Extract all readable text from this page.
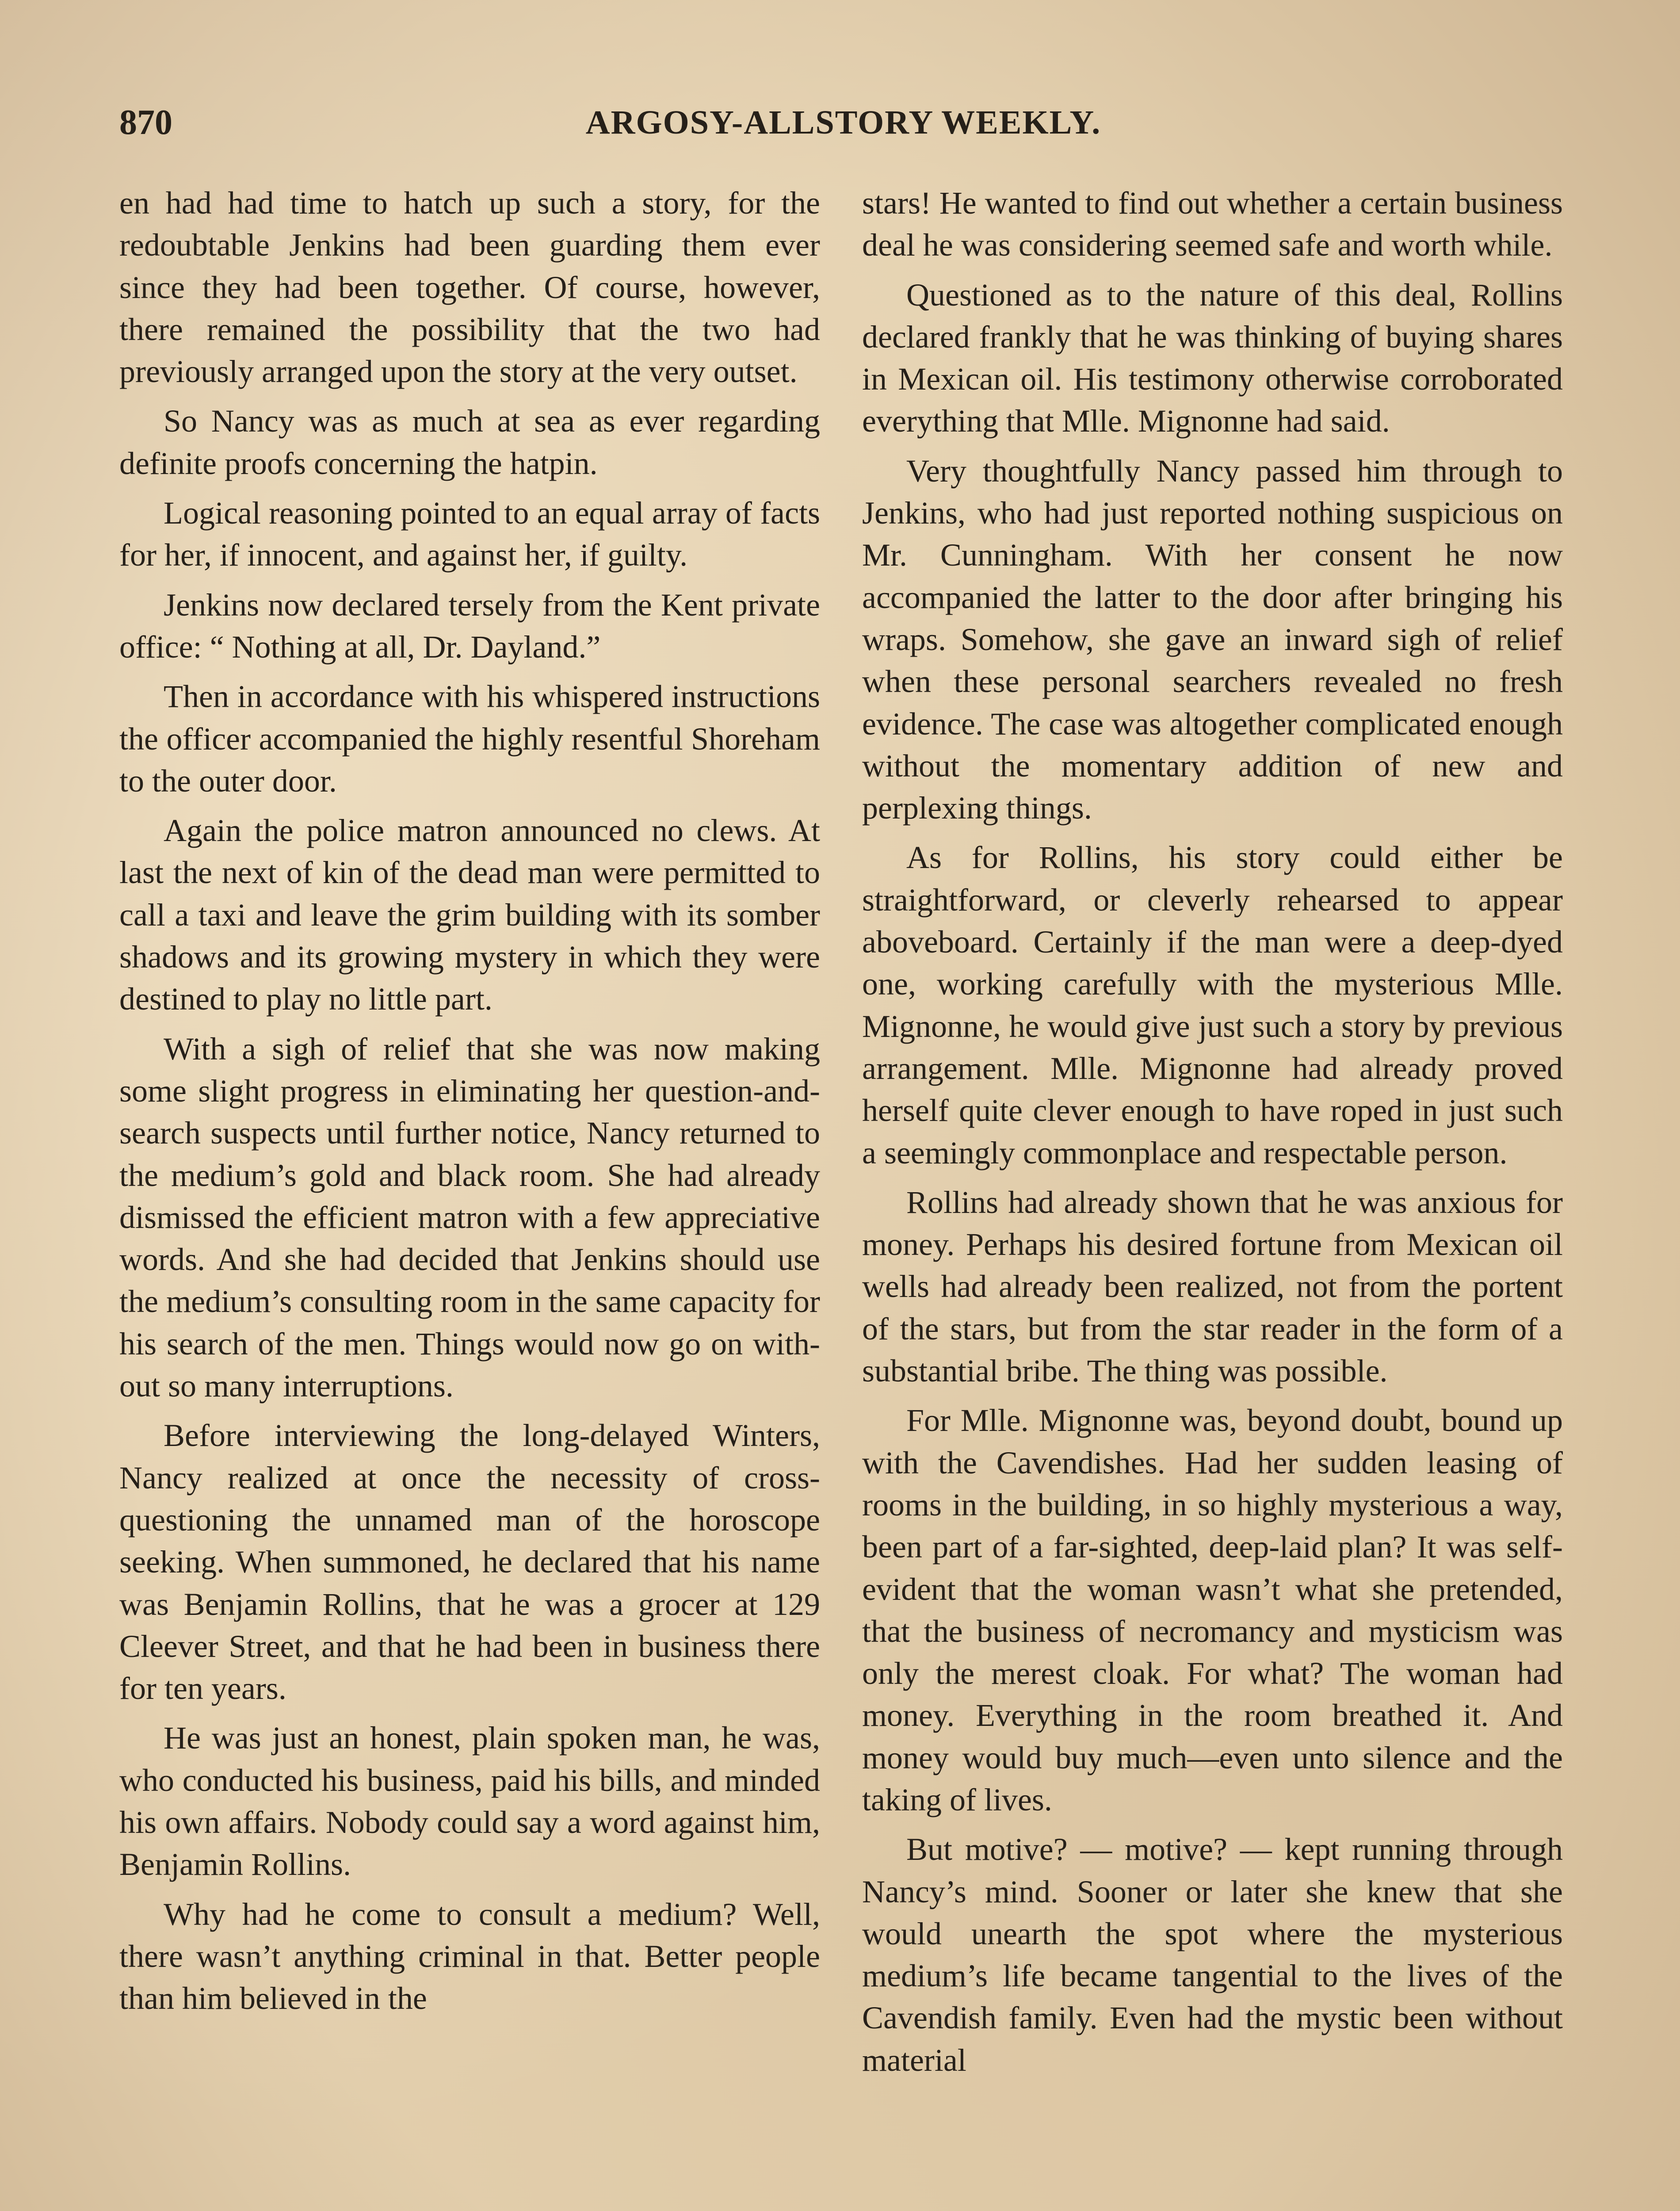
870	ARGOSY-ALLSTORY WEEKLY.

en had had time to hatch up such a story, for the redoubtable Jenkins had been guarding them ever since they had been together. Of course, however, there remained the possibility that the two had previously arranged upon the story at the very outset.

So Nancy was as much at sea as ever regarding definite proofs concerning the hatpin.

Logical reasoning pointed to an equal array of facts for her, if innocent, and against her, if guilty.

Jenkins now declared tersely from the Kent private office: “ Nothing at all, Dr. Dayland.”

Then in accordance with his whispered instructions the officer accompanied the highly resentful Shoreham to the outer door.

Again the police matron announced no clews. At last the next of kin of the dead man were permitted to call a taxi and leave the grim building with its somber shadows and its growing mystery in which they were destined to play no little part.

With a sigh of relief that she was now making some slight progress in eliminating her question-and-search suspects until further notice, Nancy returned to the medium’s gold and black room. She had already dismissed the efficient matron with a few appreciative words. And she had decided that Jenkins should use the medium’s consulting room in the same capacity for his search of the men. Things would now go on without so many interruptions.

Before interviewing the long-delayed Winters, Nancy realized at once the necessity of cross-questioning the unnamed man of the horoscope seeking. When summoned, he declared that his name was Benjamin Rollins, that he was a grocer at 129 Cleever Street, and that he had been in business there for ten years.

He was just an honest, plain spoken man, he was, who conducted his business, paid his bills, and minded his own affairs. Nobody could say a word against him, Benjamin Rollins.

Why had he come to consult a medium? Well, there wasn’t anything criminal in that. Better people than him believed in the

stars! He wanted to find out whether a certain business deal he was considering seemed safe and worth while.

Questioned as to the nature of this deal, Rollins declared frankly that he was thinking of buying shares in Mexican oil. His testimony otherwise corroborated everything that Mlle. Mignonne had said.

Very thoughtfully Nancy passed him through to Jenkins, who had just reported nothing suspicious on Mr. Cunningham. With her consent he now accompanied the latter to the door after bringing his wraps. Somehow, she gave an inward sigh of relief when these personal searchers revealed no fresh evidence. The case was altogether complicated enough without the momentary addition of new and perplexing things.

As for Rollins, his story could either be straightforward, or cleverly rehearsed to appear aboveboard. Certainly if the man were a deep-dyed one, working carefully with the mysterious Mlle. Mignonne, he would give just such a story by previous arrangement. Mlle. Mignonne had already proved herself quite clever enough to have roped in just such a seemingly commonplace and respectable person.

Rollins had already shown that he was anxious for money. Perhaps his desired fortune from Mexican oil wells had already been realized, not from the portent of the stars, but from the star reader in the form of a substantial bribe. The thing was possible.

For Mlle. Mignonne was, beyond doubt, bound up with the Cavendishes. Had her sudden leasing of rooms in the building, in so highly mysterious a way, been part of a far-sighted, deep-laid plan? It was self-evident that the woman wasn’t what she pretended, that the business of necromancy and mysticism was only the merest cloak. For what? The woman had money. Everything in the room breathed it. And money would buy much—even unto silence and the taking of lives.

But motive? — motive? — kept running through Nancy’s mind. Sooner or later she knew that she would unearth the spot where the mysterious medium’s life became tangential to the lives of the Cavendish family. Even had the mystic been without material
